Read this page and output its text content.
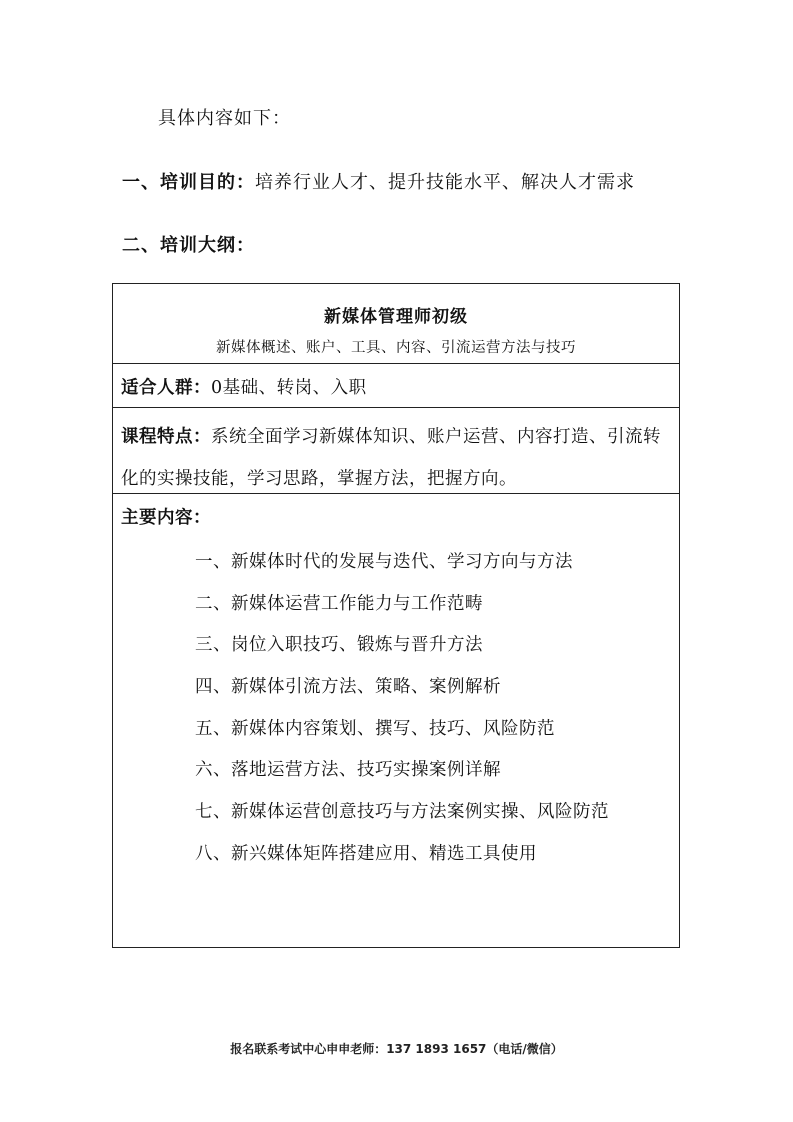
具体内容如下：
一、培训目的：培养行业人才、提升技能水平、解决人才需求
二、培训大纲：
新媒体管理师初级
新媒体概述、账户、工具、内容、引流运营方法与技巧
适合人群：0基础、转岗、入职
课程特点：系统全面学习新媒体知识、账户运营、内容打造、引流转化的实操技能，学习思路，掌握方法，把握方向。
主要内容：
一、新媒体时代的发展与迭代、学习方向与方法
二、新媒体运营工作能力与工作范畴
三、岗位入职技巧、锻炼与晋升方法
四、新媒体引流方法、策略、案例解析
五、新媒体内容策划、撰写、技巧、风险防范
六、落地运营方法、技巧实操案例详解
七、新媒体运营创意技巧与方法案例实操、风险防范
八、新兴媒体矩阵搭建应用、精选工具使用
报名联系考试中心申申老师：137 1893 1657（电话/微信）
